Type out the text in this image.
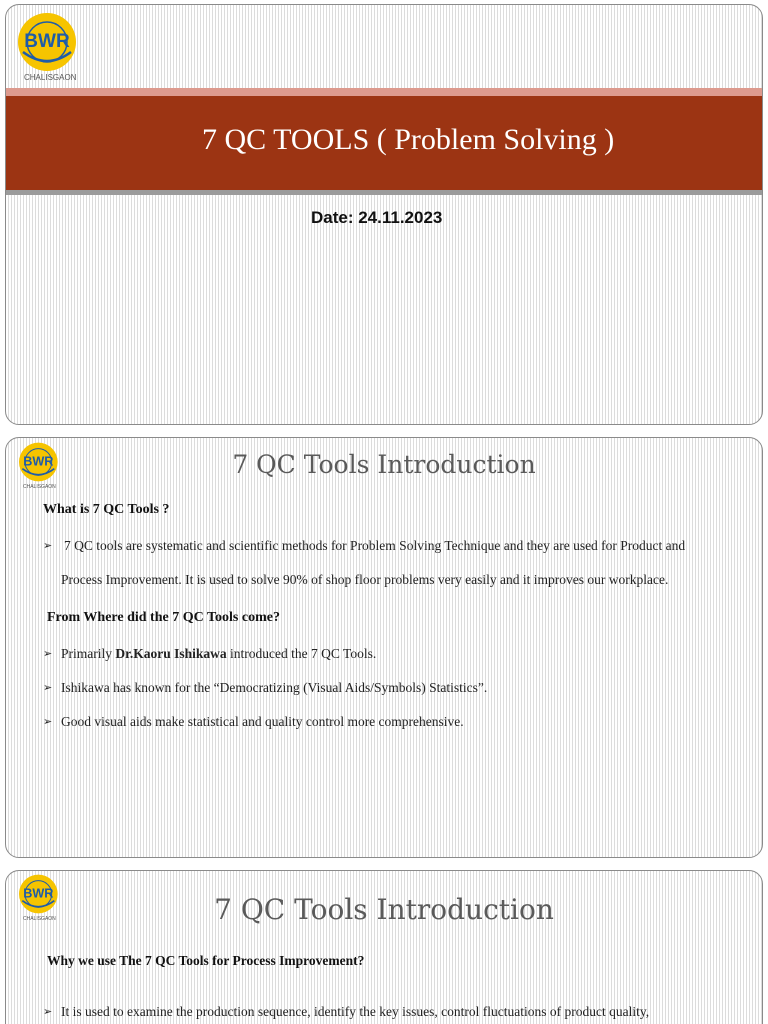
BWR
CHALISGAON
7 QC TOOLS ( Problem Solving )
Date: 24.11.2023
BWR
CHALISGAON
7 QC Tools Introduction
What is 7 QC Tools ?
➢ 7 QC tools are systematic and scientific methods for Problem Solving Technique and they are used for Product and
Process Improvement. It is used to solve 90% of shop floor problems very easily and it improves our workplace.
From Where did the 7 QC Tools come?
➢ Primarily Dr.Kaoru Ishikawa introduced the 7 QC Tools.
➢ Ishikawa has known for the “Democratizing (Visual Aids/Symbols) Statistics”.
➢ Good visual aids make statistical and quality control more comprehensive.
BWR
CHALISGAON	7 QC Tools Introduction
Why we use The 7 QC Tools for Process Improvement?
➢ It is used to examine the production sequence, identify the key issues, control fluctuations of product quality,
